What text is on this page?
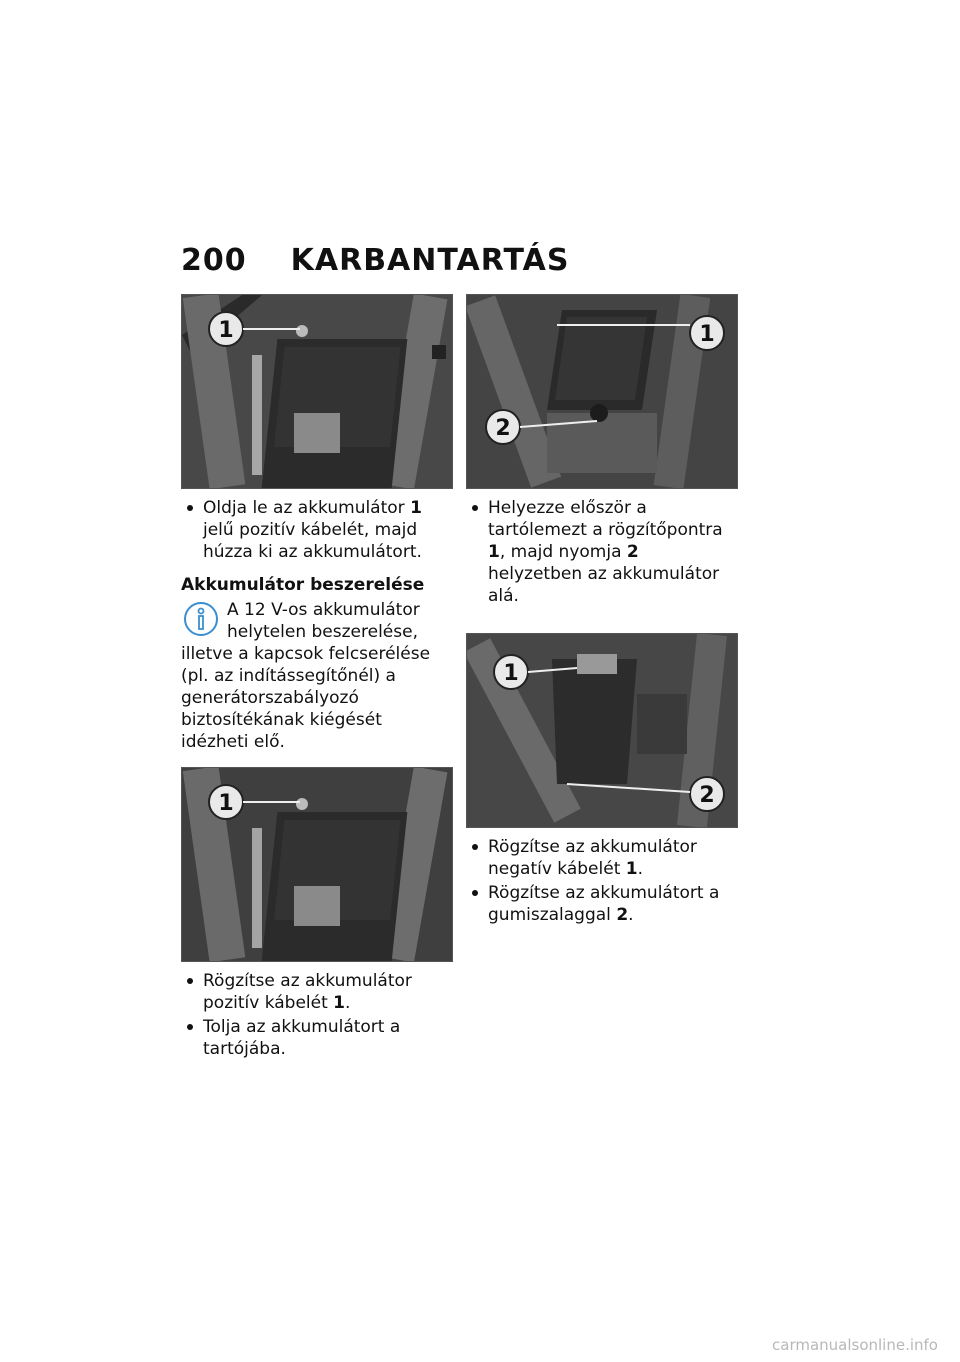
200 KARBANTARTÁS
1
Oldja le az akkumulátor 1 jelű pozitív kábelét, majd húzza ki az akkumulátort.
Akkumulátor beszerelése
A 12 V-os akkumulátor helytelen beszerelése, illetve a kapcsok felcserélése (pl. az indítássegítőnél) a generátorszabályozó biztosítékának kiégését idézheti elő.
1
Rögzítse az akkumulátor pozitív kábelét 1.
Tolja az akkumulátort a tartójába.
1
2
Helyezze először a tartólemezt a rögzítőpontra 1, majd nyomja 2 helyzetben az akkumulátor alá.
1
2
Rögzítse az akkumulátor negatív kábelét 1.
Rögzítse az akkumulátort a gumiszalaggal 2.
carmanualsonline.info
